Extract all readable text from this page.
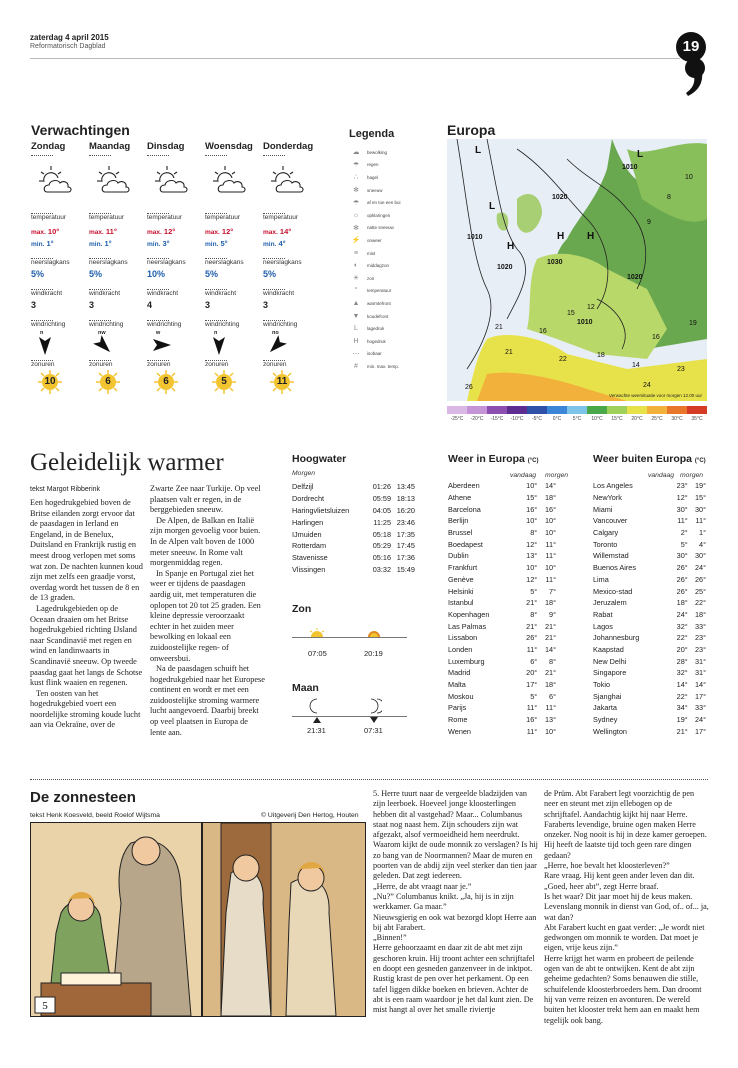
zaterdag 4 april 2015
Reformatorisch Dagblad	19
Verwachtingen
Zondag
temperatuur
max. 10°
min. 1°
neerslagkans
5%
windkracht
3
windrichting
n
zonuren
10
Maandag
temperatuur
max. 11°
min. 1°
neerslagkans
5%
windkracht
3
windrichting
nw
zonuren
6
Dinsdag
temperatuur
max. 12°
min. 3°
neerslagkans
10%
windkracht
4
windrichting
w
zonuren
6
Woensdag
temperatuur
max. 12°
min. 5°
neerslagkans
5%
windkracht
3
windrichting
n
zonuren
5
Donderdag
temperatuur
max. 14°
min. 4°
neerslagkans
5%
windkracht
3
windrichting
no
zonuren
11
Legenda
☁	bewolking
☂	regen
∴	hagel
✻	sneeuw
☂	af en toe een bui
☼	opklaringen
✻	natte sneeuw
⚡	onweer
≡	mist
◐	middagzon
☀	zon
°	temperatuur
▲	warmtefront
▼	koudefront
L	lagedruk
H	hogedruk
⋯	isobaar
#	min. max. temp.
Europa
L
H
L
H
H
L
1010
1020
1030
1020
1010
1020
1010
21
16
15
12
21
22
18
14
16
23
24
26
19
9
8
10
Verwachte weersituatie voor morgen 12.00 uur
-25°C	-20°C	-15°C	-10°C	-5°C	0°C	5°C	10°C	15°C	20°C	25°C	30°C	35°C
Geleidelijk warmer
tekst Margot Ribberink

Een hogedrukgebied boven de Britse eilanden zorgt ervoor dat de paasdagen in Ierland en Engeland, in de Benelux, Duitsland en Frankrijk rustig en meest droog verlopen met soms wat zon. De nachten kunnen koud zijn met zelfs een graadje vorst, overdag wordt het tussen de 8 en de 13 graden.

Lagedrukgebieden op de Oceaan draaien om het Britse hogedrukgebied richting IJsland naar Scandinavië met regen en wind en landinwaarts in Scandinavië sneeuw. Op tweede paasdag gaat het langs de Schotse kust flink waaien en regenen.

Ten oosten van het hogedrukgebied voert een noordelijke stroming koude lucht aan via Oekraïne, over de

Zwarte Zee naar Turkije. Op veel plaatsen valt er regen, in de berggebieden sneeuw.

De Alpen, de Balkan en Italië zijn morgen gevoelig voor buien. In de Alpen valt boven de 1000 meter sneeuw. In Rome valt morgenmiddag regen.

In Spanje en Portugal ziet het weer er tijdens de paasdagen aardig uit, met temperaturen die oplopen tot 20 tot 25 graden. Een kleine depressie veroorzaakt echter in het zuiden meer bewolking en lokaal een zuidoostelijke regen- of onweersbui.

Na de paasdagen schuift het hogedrukgebied naar het Europese continent en wordt er met een zuidoostelijke stroming warmere lucht aangevoerd. Daarbij breekt op veel plaatsen in Europa de lente aan.

Hoogwater
Morgen
Delfzijl	01:26	13:45
Dordrecht	05:59	18:13
Haringvlietsluizen	04:05	16:20
Harlingen	11:25	23:46
IJmuiden	05:18	17:35
Rotterdam	05:29	17:45
Stavenisse	05:16	17:36
Vlissingen	03:32	15:49
Zon
07:05	20:19
Maan
21:31	07:31
Weer in Europa (°C)
vandaag morgen
Aberdeen	10°	14°
Athene	15°	18°
Barcelona	16°	16°
Berlijn	10°	10°
Brussel	8°	10°
Boedapest	12°	11°
Dublin	13°	11°
Frankfurt	10°	10°
Genève	12°	11°
Helsinki	5°	7°
Istanbul	21°	18°
Kopenhagen	8°	9°
Las Palmas	21°	21°
Lissabon	26°	21°
Londen	11°	14°
Luxemburg	6°	8°
Madrid	20°	21°
Malta	17°	18°
Moskou	5°	6°
Parijs	11°	11°
Rome	16°	13°
Wenen	11°	10°
Weer buiten Europa (°C)
vandaag morgen
Los Angeles	23°	19°
NewYork	12°	15°
Miami	30°	30°
Vancouver	11°	11°
Calgary	2°	1°
Toronto	5°	4°
Willemstad	30°	30°
Buenos Aires	26°	24°
Lima	26°	26°
Mexico-stad	26°	25°
Jeruzalem	18°	22°
Rabat	24°	18°
Lagos	32°	33°
Johannesburg	22°	23°
Kaapstad	20°	23°
New Delhi	28°	31°
Singapore	32°	31°
Tokio	14°	14°
Sjanghai	22°	17°
Jakarta	34°	33°
Sydney	19°	24°
Wellington	21°	17°
De zonnesteen
tekst Henk Koesveld, beeld Roelof Wijtsma	© Uitgeverij Den Hertog, Houten
5

5. Herre tuurt naar de vergeelde bladzijden van zijn leerboek. Hoeveel jonge kloosterlingen hebben dit al vastgehad? Maar... Columbanus staat nog naast hem. Zijn schouders zijn wat afgezakt, alsof vermoeidheid hem neerdrukt. Waarom kijkt de oude monnik zo verslagen? Is hij zo bang van de Noormannen? Maar de muren en poorten van de abdij zijn veel sterker dan tien jaar geleden. Dat zegt iedereen.

„Herre, de abt vraagt naar je.”

„Nu?” Columbanus knikt. „Ja, hij is in zijn werkkamer. Ga maar.”

Nieuwsgierig en ook wat bezorgd klopt Herre aan bij abt Farabert.

„Binnen!”

Herre gehoorzaamt en daar zit de abt met zijn geschoren kruin. Hij troont achter een schrijftafel en doopt een gesneden ganzenveer in de inktpot. Rustig krast de pen over het perkament. Op een tafel liggen dikke boeken en brieven. Achter de abt is een raam waardoor je het dal kunt zien. De mist hangt al over het smalle riviertje

de Prüm. Abt Farabert legt voorzichtig de pen neer en steunt met zijn ellebogen op de schrijftafel. Aandachtig kijkt hij naar Herre. Faraberts levendige, bruine ogen maken Herre onzeker. Nog nooit is hij in deze kamer geroepen. Hij heeft de laatste tijd toch geen rare dingen gedaan?

„Herre, hoe bevalt het kloosterleven?”

Rare vraag. Hij kent geen ander leven dan dit. „Goed, heer abt”, zegt Herre braaf.

Is het waar? Dit jaar moet hij de keus maken. Levenslang monnik in dienst van God, of.. of... ja, wat dan?

Abt Farabert kucht en gaat verder: „Je wordt niet gedwongen om monnik te worden. Dat moet je eigen, vrije keus zijn.”

Herre krijgt het warm en probeert de peilende ogen van de abt te ontwijken. Kent de abt zijn geheime gedachten? Soms benauwen die stille, schuifelende kloosterbroeders hem. Dan droomt hij van verre reizen en avonturen. De wereld buiten het klooster trekt hem aan en maakt hem tegelijk ook bang.
